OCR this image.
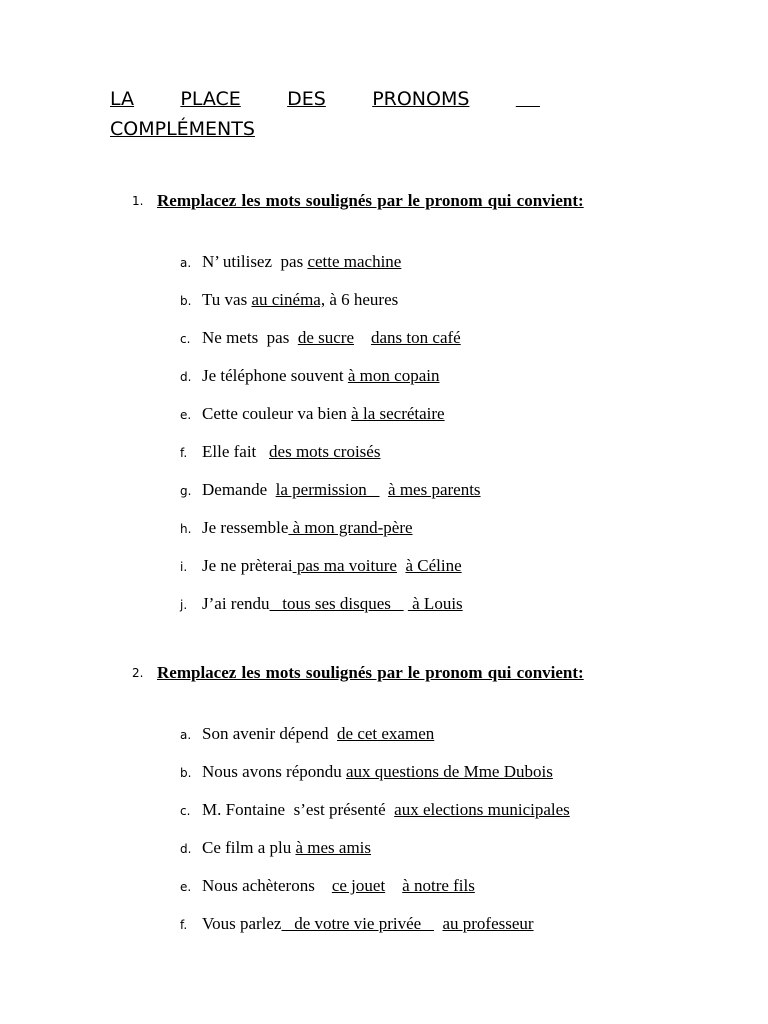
LA PLACE DES PRONOMS

COMPLÉMENTS
1. Remplacez les mots soulignés par le pronom qui convient:
a. N’ utilisez  pas cette machine
b. Tu vas au cinéma, à 6 heures
c. Ne mets  pas  de sucre dans ton café
d. Je téléphone souvent à mon copain
e. Cette couleur va bien à la secrétaire
f. Elle fait   des mots croisés
g. Demande  la permission     à mes parents
h. Je ressemble à mon grand-père
i. Je ne prèterai pas ma voiture à Céline
j. J’ai rendu   tous ses disques     à Louis
2. Remplacez les mots soulignés par le pronom qui convient:
a. Son avenir dépend  de cet examen
b. Nous avons répondu aux questions de Mme Dubois
c. M. Fontaine  s’est présenté  aux elections municipales
d. Ce film a plu à mes amis
e. Nous achèterons    ce jouet à notre fils
f. Vous parlez   de votre vie privée     au professeur
